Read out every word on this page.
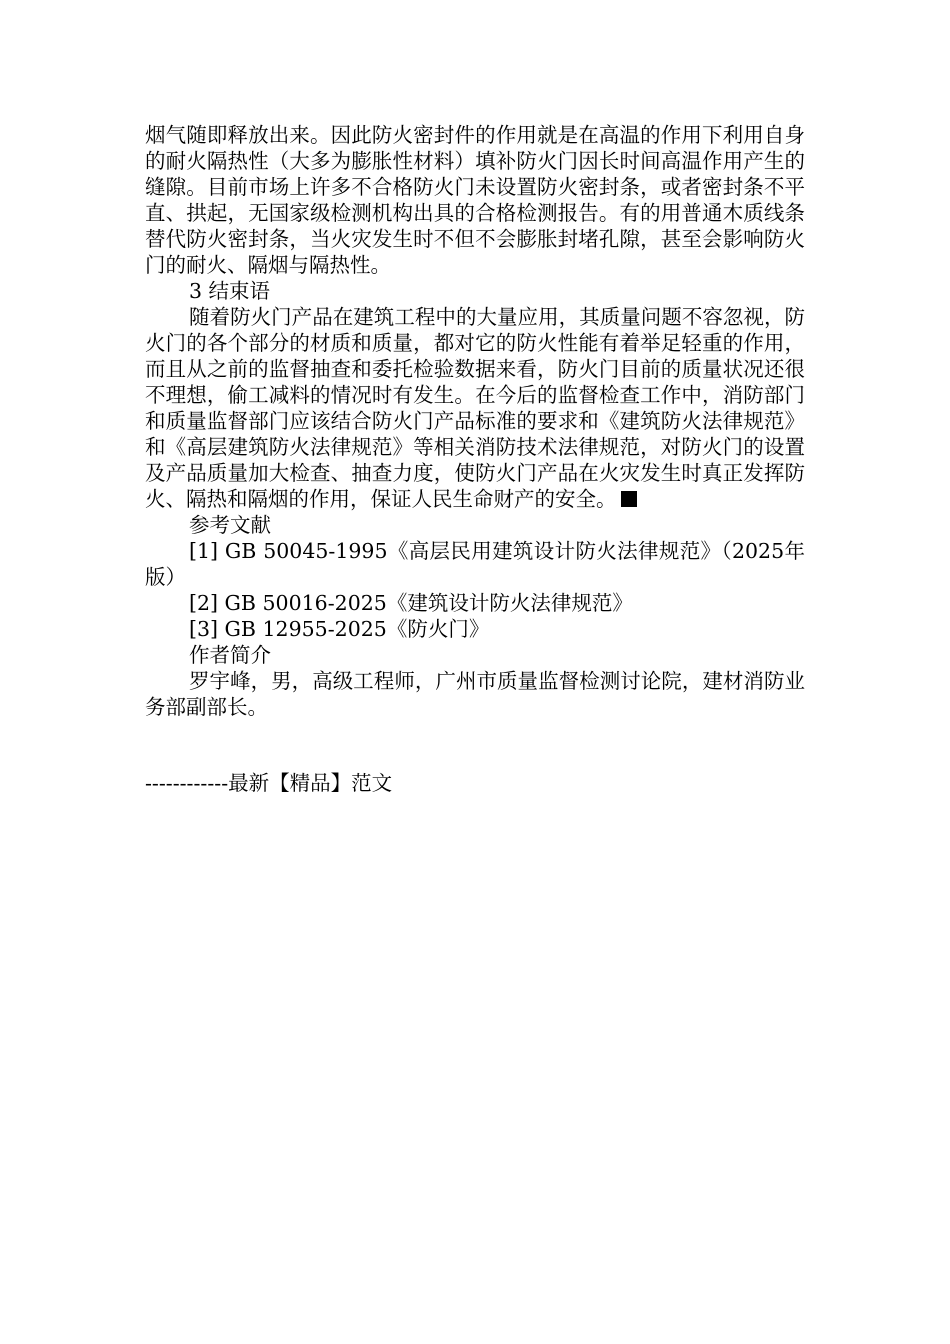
烟气随即释放出来。因此防火密封件的作用就是在高温的作用下利用自身的耐火隔热性（大多为膨胀性材料）填补防火门因长时间高温作用产生的缝隙。目前市场上许多不合格防火门未设置防火密封条，或者密封条不平直、拱起，无国家级检测机构出具的合格检测报告。有的用普通木质线条替代防火密封条，当火灾发生时不但不会膨胀封堵孔隙，甚至会影响防火门的耐火、隔烟与隔热性。

3 结束语

随着防火门产品在建筑工程中的大量应用，其质量问题不容忽视，防火门的各个部分的材质和质量，都对它的防火性能有着举足轻重的作用，而且从之前的监督抽查和委托检验数据来看，防火门目前的质量状况还很不理想，偷工减料的情况时有发生。在今后的监督检查工作中，消防部门和质量监督部门应该结合防火门产品标准的要求和《建筑防火法律规范》和《高层建筑防火法律规范》等相关消防技术法律规范，对防火门的设置及产品质量加大检查、抽查力度，使防火门产品在火灾发生时真正发挥防火、隔热和隔烟的作用，保证人民生命财产的安全。

参考文献

[1] GB 50045-1995《高层民用建筑设计防火法律规范》（2025年版）

[2] GB 50016-2025《建筑设计防火法律规范》

[3] GB 12955-2025《防火门》

作者简介

罗宇峰，男，高级工程师，广州市质量监督检测讨论院，建材消防业务部副部长。

------------最新【精品】范文
